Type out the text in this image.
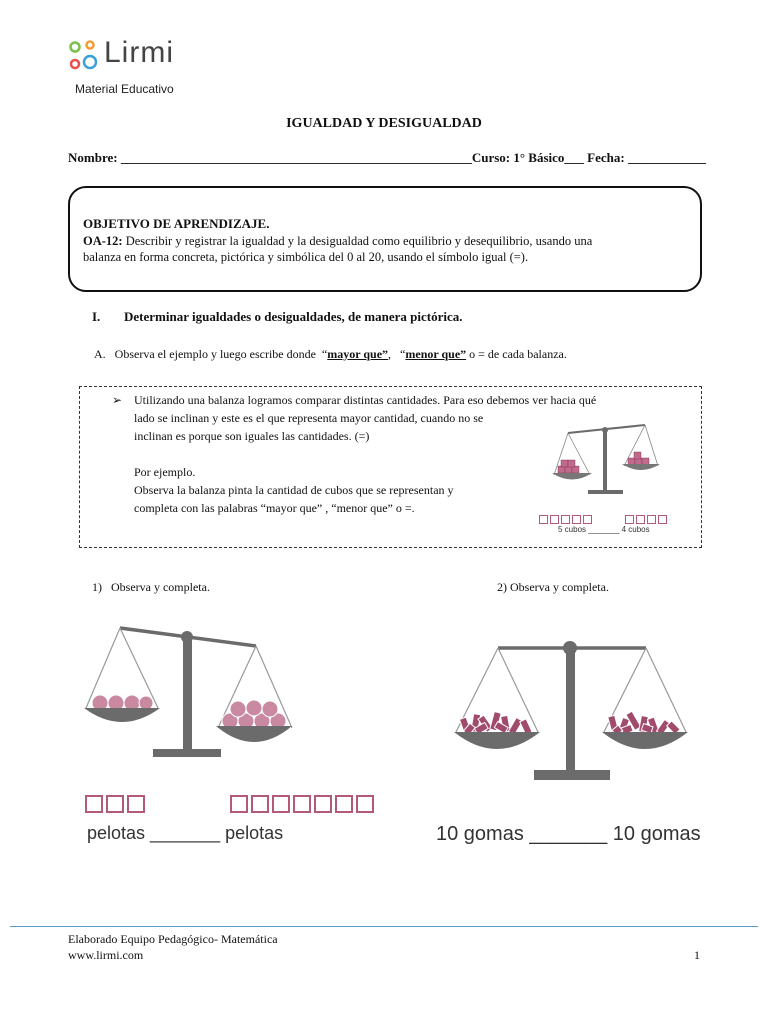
Lirmi
Material Educativo
IGUALDAD Y DESIGUALDAD
Nombre: ______________________________________________________Curso: 1° Básico___ Fecha: ____________
OBJETIVO DE APRENDIZAJE.
OA-12: Describir y registrar la igualdad y la desigualdad como equilibrio y desequilibrio, usando una
balanza en forma concreta, pictórica y simbólica del 0 al 20, usando el símbolo igual (=).
I. Determinar igualdades o desigualdades, de manera pictórica.
A.   Observa el ejemplo y luego escribe donde  “mayor que”,   “menor que” o = de cada balanza.
➢ Utilizando una balanza logramos comparar distintas cantidades. Para eso debemos ver hacia qué
lado se inclinan y este es el que representa mayor cantidad, cuando no se
inclinan es porque son iguales las cantidades. (=)
Por ejemplo.
Observa la balanza pinta la cantidad de cubos que se representan y
completa con las palabras “mayor que” , “menor que” o =.
5 cubos _______ 4 cubos
1) Observa y completa.	2) Observa y completa.
pelotas _______ pelotas	10 gomas _______ 10 gomas
Elaborado Equipo Pedagógico- Matemática
www.lirmi.com	1
